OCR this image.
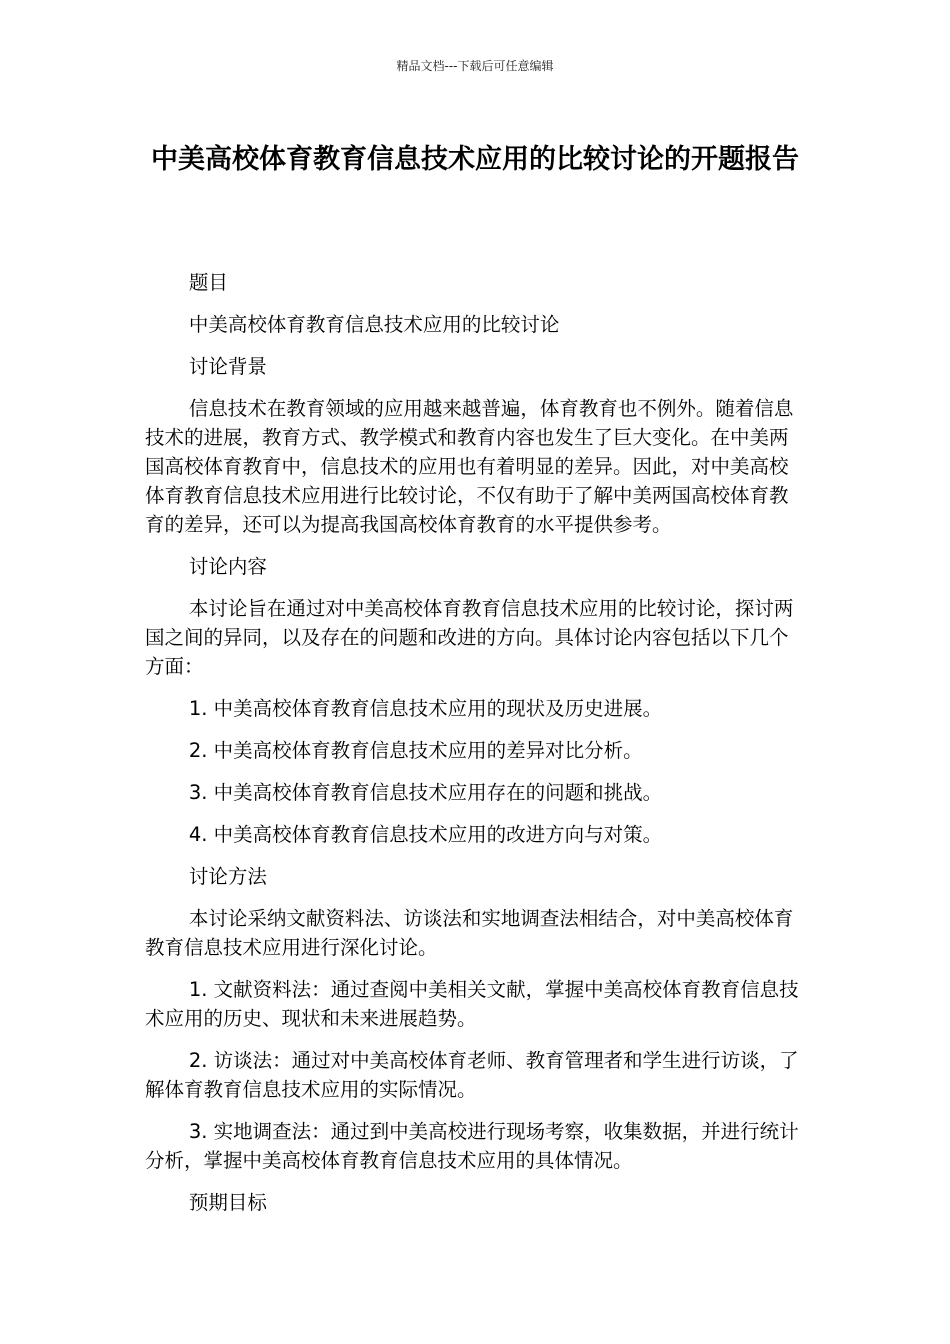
精品文档---下载后可任意编辑
中美高校体育教育信息技术应用的比较讨论的开题报告

题目

中美高校体育教育信息技术应用的比较讨论

讨论背景

信息技术在教育领域的应用越来越普遍，体育教育也不例外。随着信息技术的进展，教育方式、教学模式和教育内容也发生了巨大变化。在中美两国高校体育教育中，信息技术的应用也有着明显的差异。因此，对中美高校体育教育信息技术应用进行比较讨论，不仅有助于了解中美两国高校体育教育的差异，还可以为提高我国高校体育教育的水平提供参考。

讨论内容

本讨论旨在通过对中美高校体育教育信息技术应用的比较讨论，探讨两国之间的异同，以及存在的问题和改进的方向。具体讨论内容包括以下几个方面：

1. 中美高校体育教育信息技术应用的现状及历史进展。

2. 中美高校体育教育信息技术应用的差异对比分析。

3. 中美高校体育教育信息技术应用存在的问题和挑战。

4. 中美高校体育教育信息技术应用的改进方向与对策。

讨论方法

本讨论采纳文献资料法、访谈法和实地调查法相结合，对中美高校体育教育信息技术应用进行深化讨论。

1. 文献资料法：通过查阅中美相关文献，掌握中美高校体育教育信息技术应用的历史、现状和未来进展趋势。

2. 访谈法：通过对中美高校体育老师、教育管理者和学生进行访谈，了解体育教育信息技术应用的实际情况。

3. 实地调查法：通过到中美高校进行现场考察，收集数据，并进行统计分析，掌握中美高校体育教育信息技术应用的具体情况。

预期目标
